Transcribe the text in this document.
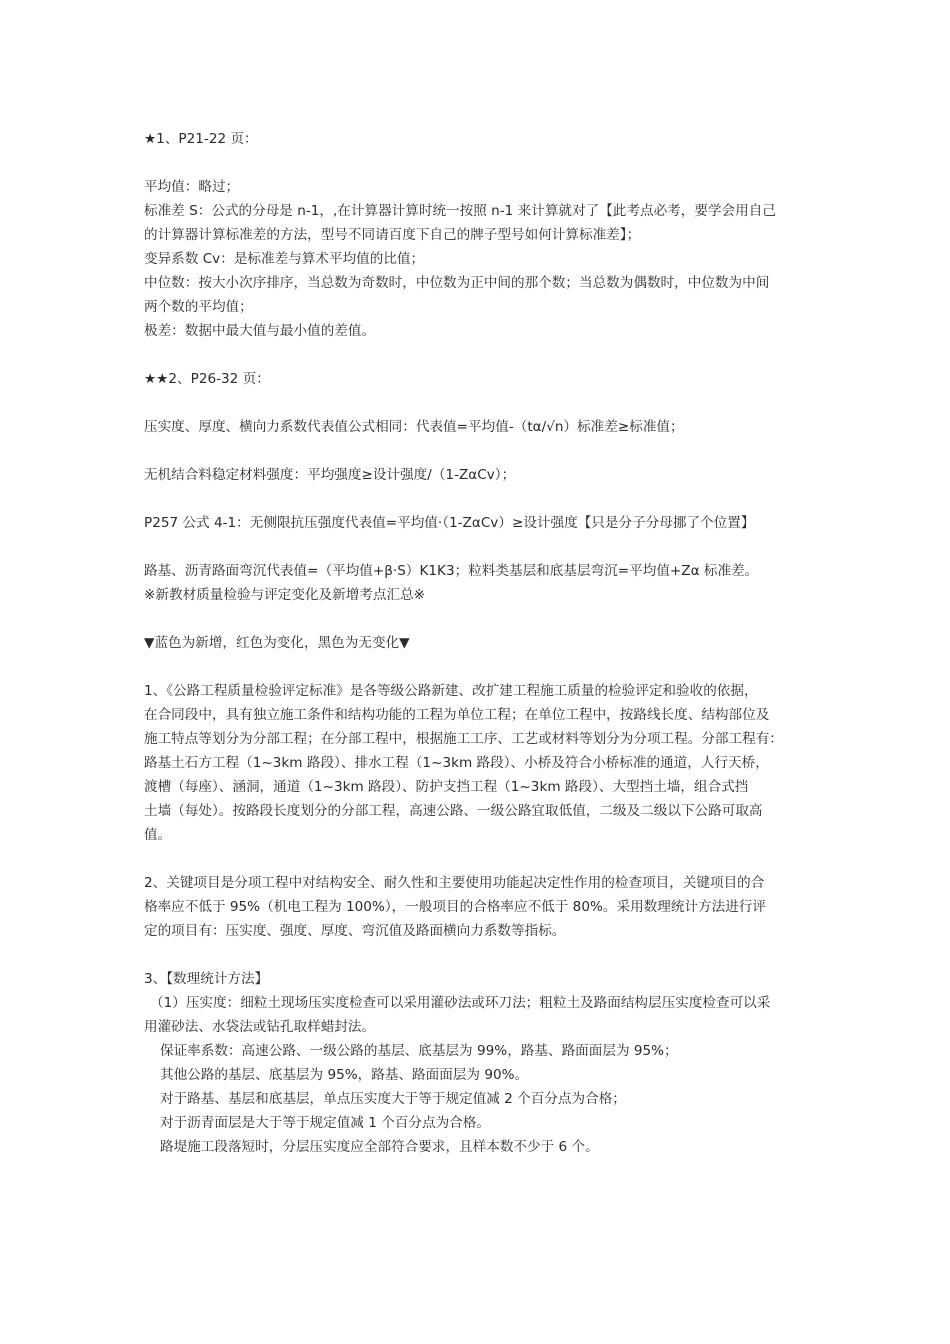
★1、P21-22 页：
平均值：略过；
标准差 S：公式的分母是 n-1，,在计算器计算时统一按照 n-1 来计算就对了【此考点必考，要学会用自己
的计算器计算标准差的方法，型号不同请百度下自己的牌子型号如何计算标准差】；
变异系数 Cv：是标准差与算术平均值的比值；
中位数：按大小次序排序，当总数为奇数时，中位数为正中间的那个数；当总数为偶数时，中位数为中间
两个数的平均值；
极差：数据中最大值与最小值的差值。
★★2、P26-32 页：
压实度、厚度、横向力系数代表值公式相同：代表值=平均值-（tα/√n）标准差≥标准值；
无机结合料稳定材料强度：平均强度≥设计强度/（1-ZαCv）；
P257 公式 4-1：无侧限抗压强度代表值=平均值·（1-ZαCv）≥设计强度【只是分子分母挪了个位置】
路基、沥青路面弯沉代表值=（平均值+β·S）K1K3；粒料类基层和底基层弯沉=平均值+Zα 标准差。
※新教材质量检验与评定变化及新增考点汇总※
▼蓝色为新增，红色为变化，黑色为无变化▼
1、《公路工程质量检验评定标准》是各等级公路新建、改扩建工程施工质量的检验评定和验收的依据，
在合同段中，具有独立施工条件和结构功能的工程为单位工程；在单位工程中，按路线长度、结构部位及
施工特点等划分为分部工程；在分部工程中，根据施工工序、工艺或材料等划分为分项工程。分部工程有：
路基土石方工程（1~3km 路段）、排水工程（1~3km 路段）、小桥及符合小桥标准的通道，人行天桥，
渡槽（每座）、涵洞，通道（1~3km 路段）、防护支挡工程（1~3km 路段）、大型挡土墙，组合式挡
土墙（每处）。按路段长度划分的分部工程，高速公路、一级公路宜取低值，二级及二级以下公路可取高
值。
2、关键项目是分项工程中对结构安全、耐久性和主要使用功能起决定性作用的检查项目，关键项目的合
格率应不低于 95%（机电工程为 100%），一般项目的合格率应不低于 80%。采用数理统计方法进行评
定的项目有：压实度、强度、厚度、弯沉值及路面横向力系数等指标。
3、【数理统计方法】
（1）压实度：细粒土现场压实度检查可以采用灌砂法或环刀法；粗粒土及路面结构层压实度检查可以采
用灌砂法、水袋法或钻孔取样蜡封法。
保证率系数：高速公路、一级公路的基层、底基层为 99%，路基、路面面层为 95%；
其他公路的基层、底基层为 95%，路基、路面面层为 90%。
对于路基、基层和底基层，单点压实度大于等于规定值减 2 个百分点为合格；
对于沥青面层是大于等于规定值减 1 个百分点为合格。
路堤施工段落短时，分层压实度应全部符合要求，且样本数不少于 6 个。
